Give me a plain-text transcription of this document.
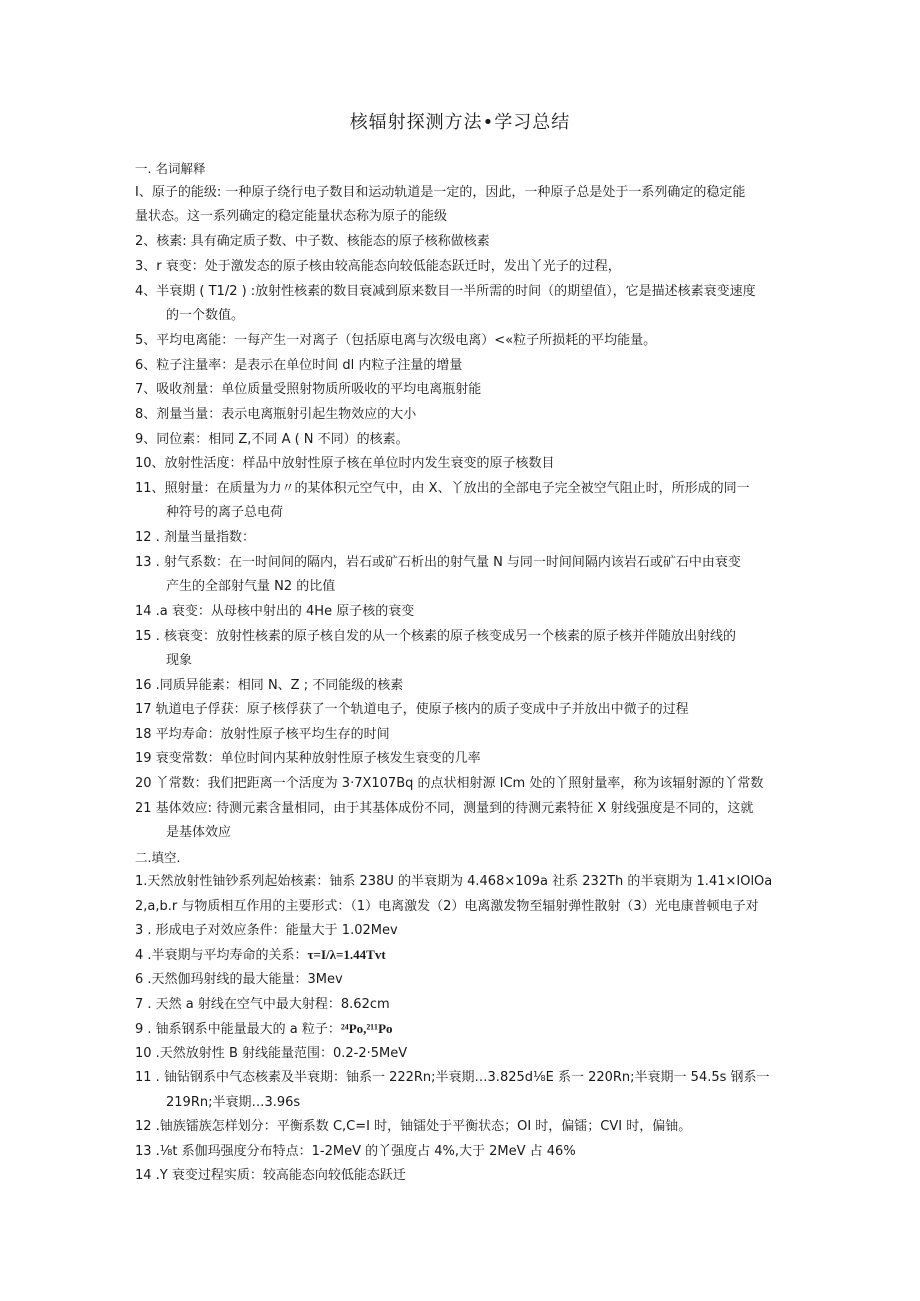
核辐射探测方法•学习总结
一. 名词解释
I、原子的能级: 一种原子绕行电子数目和运动轨道是一定的，因此，一种原子总是处于一系列确定的稳定能
量状态。这一系列确定的稳定能量状态称为原子的能级
2、核素: 具有确定质子数、中子数、核能态的原子核称做核素
3、r 衰变：处于激发态的原子核由较高能态向较低能态跃迁时，发出丫光子的过程，
4、半衰期 ( T1/2 ) :放射性核素的数目衰减到原来数目一半所需的时间（的期望值），它是描述核素衰变速度
的一个数值。
5、平均电离能：一每产生一对离子（包括原电离与次级电离）<«粒子所损耗的平均能量。
6、粒子注量率：是表示在单位时间 dl 内粒子注量的增量
7、吸收剂量：单位质量受照射物质所吸收的平均电离瓶射能
8、剂量当量：表示电离瓶射引起生物效应的大小
9、同位素：相同 Z,不同 A ( N 不同）的核素。
10、放射性活度：样品中放射性原子核在单位时内发生衰变的原子核数目
11、照射量：在质量为力〃的某体积元空气中，由 X、丫放出的全部电子完全被空气阻止时，所形成的同一
种符号的离子总电荷
12 . 剂量当量指数：
13 . 射气系数：在一时间间的隔内，岩石或矿石析出的射气量 N 与同一时间间隔内该岩石或矿石中由衰变
产生的全部射气量 N2 的比值
14 .a 衰变：从母核中射出的 4He 原子核的衰变
15 . 核衰变：放射性核素的原子核自发的从一个核素的原子核变成另一个核素的原子核并伴随放出射线的
现象
16 .同质异能素：相同 N、Z ; 不同能级的核素
17 轨道电子俘获：原子核俘获了一个轨道电子，使原子核内的质子变成中子并放出中微子的过程
18 平均寿命：放射性原子核平均生存的时间
19 衰变常数：单位时间内某种放射性原子核发生衰变的几率
20 丫常数：我们把距离一个活度为 3·7X107Bq 的点状相射源 ICm 处的丫照射量率，称为该辐射源的丫常数
21 基体效应: 待测元素含量相同，由于其基体成份不同，测量到的待测元素特征 X 射线强度是不同的，这就
是基体效应
二.填空.
1.天然放射性铀钞系列起始核素：铀系 238U 的半衰期为 4.468×109a 社系 232Th 的半衰期为 1.41×IOlOa
2,a,b.r 与物质相互作用的主要形式：（1）电离激发（2）电离激发物至辐射弹性散射（3）光电康普顿电子对
3 . 形成电子对效应条件：能量大于 1.02Mev
4 .半衰期与平均寿命的关系：τ=I/λ=1.44Tvt
6 .天然伽玛射线的最大能量：3Mev
7 . 天然 a 射线在空气中最大射程：8.62cm
9 . 铀系钢系中能量最大的 a 粒子：²⁴Po,²¹¹Po
10 .天然放射性 B 射线能量范围：0.2-2·5MeV
11 . 铀钻钢系中气态核素及半衰期：铀系一 222Rn;半衰期…3.825d⅛E 系一 220Rn;半衰期一 54.5s 钢系一
219Rn;半衰期…3.96s
12 .铀族镭族怎样划分：平衡系数 C,C=I 时，铀镭处于平衡状态；OI 时，偏镭；CVI 时，偏铀。
13 .⅛t 系伽玛强度分布特点：1-2MeV 的丫强度占 4%,大于 2MeV 占 46%
14 .Y 衰变过程实质：较高能态向较低能态跃迁
